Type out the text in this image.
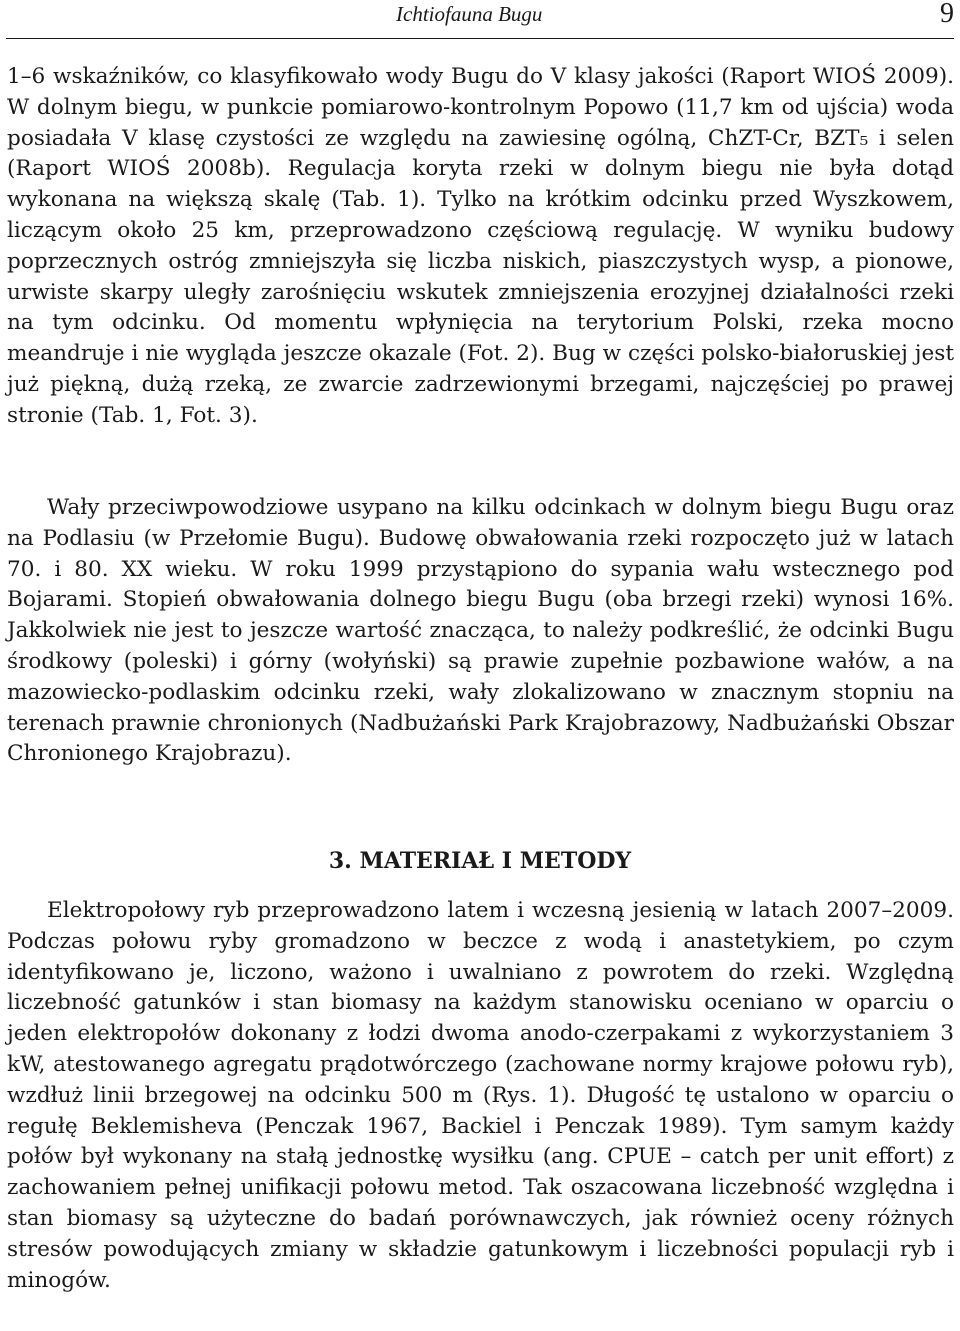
Ichtiofauna Bugu	9

1–6 wskaźników, co klasyfikowało wody Bugu do V klasy jakości (Raport WIOŚ 2009). W dolnym biegu, w punkcie pomiarowo-kontrolnym Popowo (11,7 km od ujścia) woda posiadała V klasę czystości ze względu na zawiesinę ogólną, ChZT-Cr, BZT₅ i selen (Raport WIOŚ 2008b). Regulacja koryta rzeki w dolnym biegu nie była dotąd wykonana na większą skalę (Tab. 1). Tylko na krótkim odcinku przed Wyszkowem, liczącym około 25 km, przeprowadzono częściową regulację. W wyniku budowy poprzecznych ostróg zmniejszyła się liczba niskich, piaszczystych wysp, a pionowe, urwiste skarpy uległy zarośnięciu wskutek zmniejszenia erozyjnej działalności rzeki na tym odcinku. Od momentu wpłynięcia na terytorium Polski, rzeka mocno meandruje i nie wygląda jeszcze okazale (Fot. 2). Bug w części polsko-białoruskiej jest już piękną, dużą rzeką, ze zwarcie zadrzewionymi brzegami, najczęściej po prawej stronie (Tab. 1, Fot. 3).

Wały przeciwpowodziowe usypano na kilku odcinkach w dolnym biegu Bugu oraz na Podlasiu (w Przełomie Bugu). Budowę obwałowania rzeki rozpoczęto już w latach 70. i 80. XX wieku. W roku 1999 przystąpiono do sypania wału wstecznego pod Bojarami. Stopień obwałowania dolnego biegu Bugu (oba brzegi rzeki) wynosi 16%. Jakkolwiek nie jest to jeszcze wartość znacząca, to należy podkreślić, że odcinki Bugu środkowy (poleski) i górny (wołyński) są prawie zupełnie pozbawione wałów, a na mazowiecko-podlaskim odcinku rzeki, wały zlokalizowano w znacznym stopniu na terenach prawnie chronionych (Nadbużański Park Krajobrazowy, Nadbużański Obszar Chronionego Krajobrazu).

3. MATERIAŁ I METODY

Elektropołowy ryb przeprowadzono latem i wczesną jesienią w latach 2007–2009. Podczas połowu ryby gromadzono w beczce z wodą i anastetykiem, po czym identyfikowano je, liczono, ważono i uwalniano z powrotem do rzeki. Względną liczebność gatunków i stan biomasy na każdym stanowisku oceniano w oparciu o jeden elektropołów dokonany z łodzi dwoma anodo-czerpakami z wykorzystaniem 3 kW, atestowanego agregatu prądotwórczego (zachowane normy krajowe połowu ryb), wzdłuż linii brzegowej na odcinku 500 m (Rys. 1). Długość tę ustalono w oparciu o regułę Beklemisheva (Penczak 1967, Backiel i Penczak 1989). Tym samym każdy połów był wykonany na stałą jednostkę wysiłku (ang. CPUE – catch per unit effort) z zachowaniem pełnej unifikacji połowu metod. Tak oszacowana liczebność względna i stan biomasy są użyteczne do badań porównawczych, jak również oceny różnych stresów powodujących zmiany w składzie gatunkowym i liczebności populacji ryb i minogów.
